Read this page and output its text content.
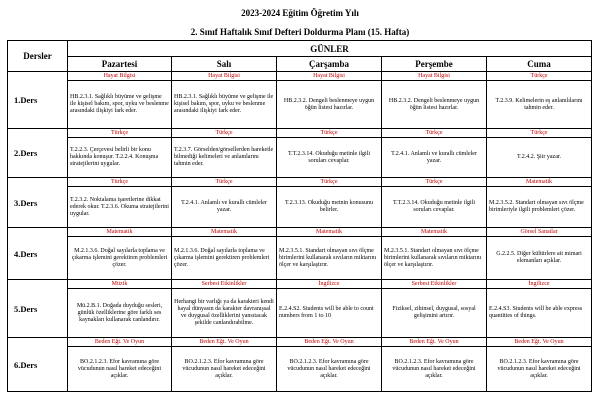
2023-2024 Eğitim Öğretim Yılı
2. Sınıf Haftalık Sınıf Defteri Doldurma Planı (15. Hafta)
Dersler	GÜNLER				
	Pazartesi	Salı	Çarşamba	Perşembe	Cuma
1.Ders	Hayat Bilgisi	Hayat Bilgisi	Hayat Bilgisi	Hayat Bilgisi	Türkçe
	HB.2.3.1. Sağlıklı büyüme ve gelişme ile kişisel bakım, spor, uyku ve beslenme arasındaki ilişkiyi fark eder.	HB.2.3.1. Sağlıklı büyüme ve gelişme ile kişisel bakım, spor, uyku ve beslenme arasındaki ilişkiyi fark eder.	HB.2.3.2. Dengeli beslenmeye uygun öğün listesi hazırlar.	HB.2.3.2. Dengeli beslenmeye uygun öğün listesi hazırlar.	T.2.3.9. Kelimelerin eş anlamlılarını tahmin eder.
2.Ders	Türkçe	Türkçe	Türkçe	Türkçe	Türkçe
	T.2.2.3. Çerçevesi belirli bir konu hakkında konuşur. T.2.2.4. Konuşma stratejilerini uygular.	T.2.3.7. Görselden/görsellerden hareketle bilmediği kelimeleri ve anlamlarını tahmin eder.	T.T.2.3.14. Okuduğu metinle ilgili soruları cevaplar.	T.2.4.1. Anlamlı ve kurallı cümleler yazar.	T.2.4.2. Şiir yazar.
3.Ders	Türkçe	Türkçe	Türkçe	Türkçe	Matematik
	T.2.3.2. Noktalama işaretlerine dikkat ederek okur. T.2.3.6. Okuma stratejilerini uygular.	T.2.4.1. Anlamlı ve kurallı cümleler yazar.	T.2.3.13. Okuduğu metnin konusunu belirler.	T.T.2.3.14. Okuduğu metinle ilgili soruları cevaplar.	M.2.3.5.2. Standart olmayan sıvı ölçme birimleriyle ilgili problemleri çözer.
4.Ders	Matematik	Matematik	Matematik	Matematik	Görsel Sanatlar
	M.2.1.3.6. Doğal sayılarla toplama ve çıkarma işlemini gerektiren problemleri çözer.	M.2.1.3.6. Doğal sayılarla toplama ve çıkarma işlemini gerektiren problemleri çözer.	M.2.3.5.1. Standart olmayan sıvı ölçme birimlerini kullanarak sıvıların miktarını ölçer ve karşılaştırır.	M.2.3.5.1. Standart olmayan sıvı ölçme birimlerini kullanarak sıvıların miktarını ölçer ve karşılaştırır.	G.2.2.5. Diğer kültürlere ait mimari elemanları açıklar.
5.Ders	Müzik	Serbest Etkinlikler	İngilizce	Serbest Etkinlikler	İngilizce
	Mü.2.B.1. Doğada duyduğu sesleri, günlük özelliklerine göre farklı ses kaynakları kullanarak canlandırır.	Herhangi bir varlığı ya da karakteri kendi hayal dünyasın da karakter davranışsal ve duygusal özelliklerini yansıtacak şekilde canlandırabilme.	E.2.4.S2. Students will be able to count numbers from 1 to 10	Fiziksel, zihinsel, duygusal, sosyal gelişimini artırır.	E.2.4.S3. Students will be able express quantities of things.
6.Ders	Beden Eğt. Ve Oyun	Beden Eğt. Ve Oyun	Beden Eğt. Ve Oyun	Beden Eğt. Ve Oyun	Beden Eğt. Ve Oyun
	BO.2.1.2.3. Efor kavramına göre vücudunun nasıl hareket edeceğini açıklar.	BO.2.1.2.3. Efor kavramına göre vücudunun nasıl hareket edeceğini açıklar.	BO.2.1.2.3. Efor kavramına göre vücudunun nasıl hareket edeceğini açıklar.	BO.2.1.2.3. Efor kavramına göre vücudunun nasıl hareket edeceğini açıklar.	BO.2.1.2.3. Efor kavramına göre vücudunun nasıl hareket edeceğini açıklar.
